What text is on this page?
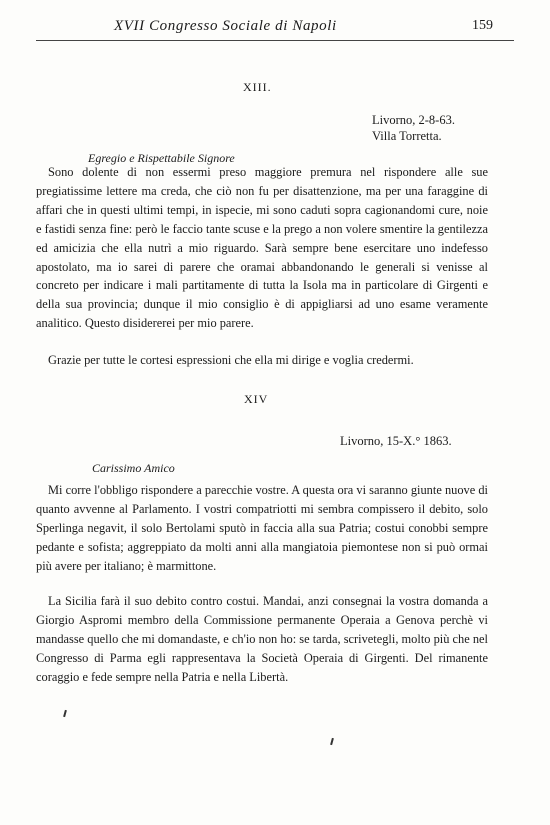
XVII Congresso Sociale di Napoli	159
XIII.
Livorno, 2-8-63.
Villa Torretta.
Egregio e Rispettabile Signore

Sono dolente di non essermi preso maggiore premura nel rispondere alle sue pregiatissime lettere ma creda, che ciò non fu per disattenzione, ma per una faraggine di affari che in questi ultimi tempi, in ispecie, mi sono caduti sopra cagionandomi cure, noie e fastidi senza fine: però le faccio tante scuse e la prego a non volere smentire la gentilezza ed amicizia che ella nutrì a mio riguardo. Sarà sempre bene esercitare uno indefesso apostolato, ma io sarei di parere che oramai abbandonando le generali si venisse al concreto per indicare i mali partitamente di tutta la Isola ma in particolare di Girgenti e della sua provincia; dunque il mio consiglio è di appigliarsi ad uno esame veramente analitico. Questo disidererei per mio parere.

Grazie per tutte le cortesi espressioni che ella mi dirige e voglia credermi.

XIV
Livorno, 15-X.° 1863.
Carissimo Amico

Mi corre l'obbligo rispondere a parecchie vostre. A questa ora vi saranno giunte nuove di quanto avvenne al Parlamento. I vostri compatriotti mi sembra compissero il debito, solo Sperlinga negavit, il solo Bertolami sputò in faccia alla sua Patria; costui conobbi sempre pedante e sofista; aggreppiato da molti anni alla mangiatoia piemontese non si può ormai più avere per italiano; è marmittone.

La Sicilia farà il suo debito contro costui. Mandai, anzi consegnai la vostra domanda a Giorgio Aspromi membro della Commissione permanente Operaia a Genova perchè vi mandasse quello che mi domandaste, e ch'io non ho: se tarda, scrivetegli, molto più che nel Congresso di Parma egli rappresentava la Società Operaia di Girgenti. Del rimanente coraggio e fede sempre nella Patria e nella Libertà.
